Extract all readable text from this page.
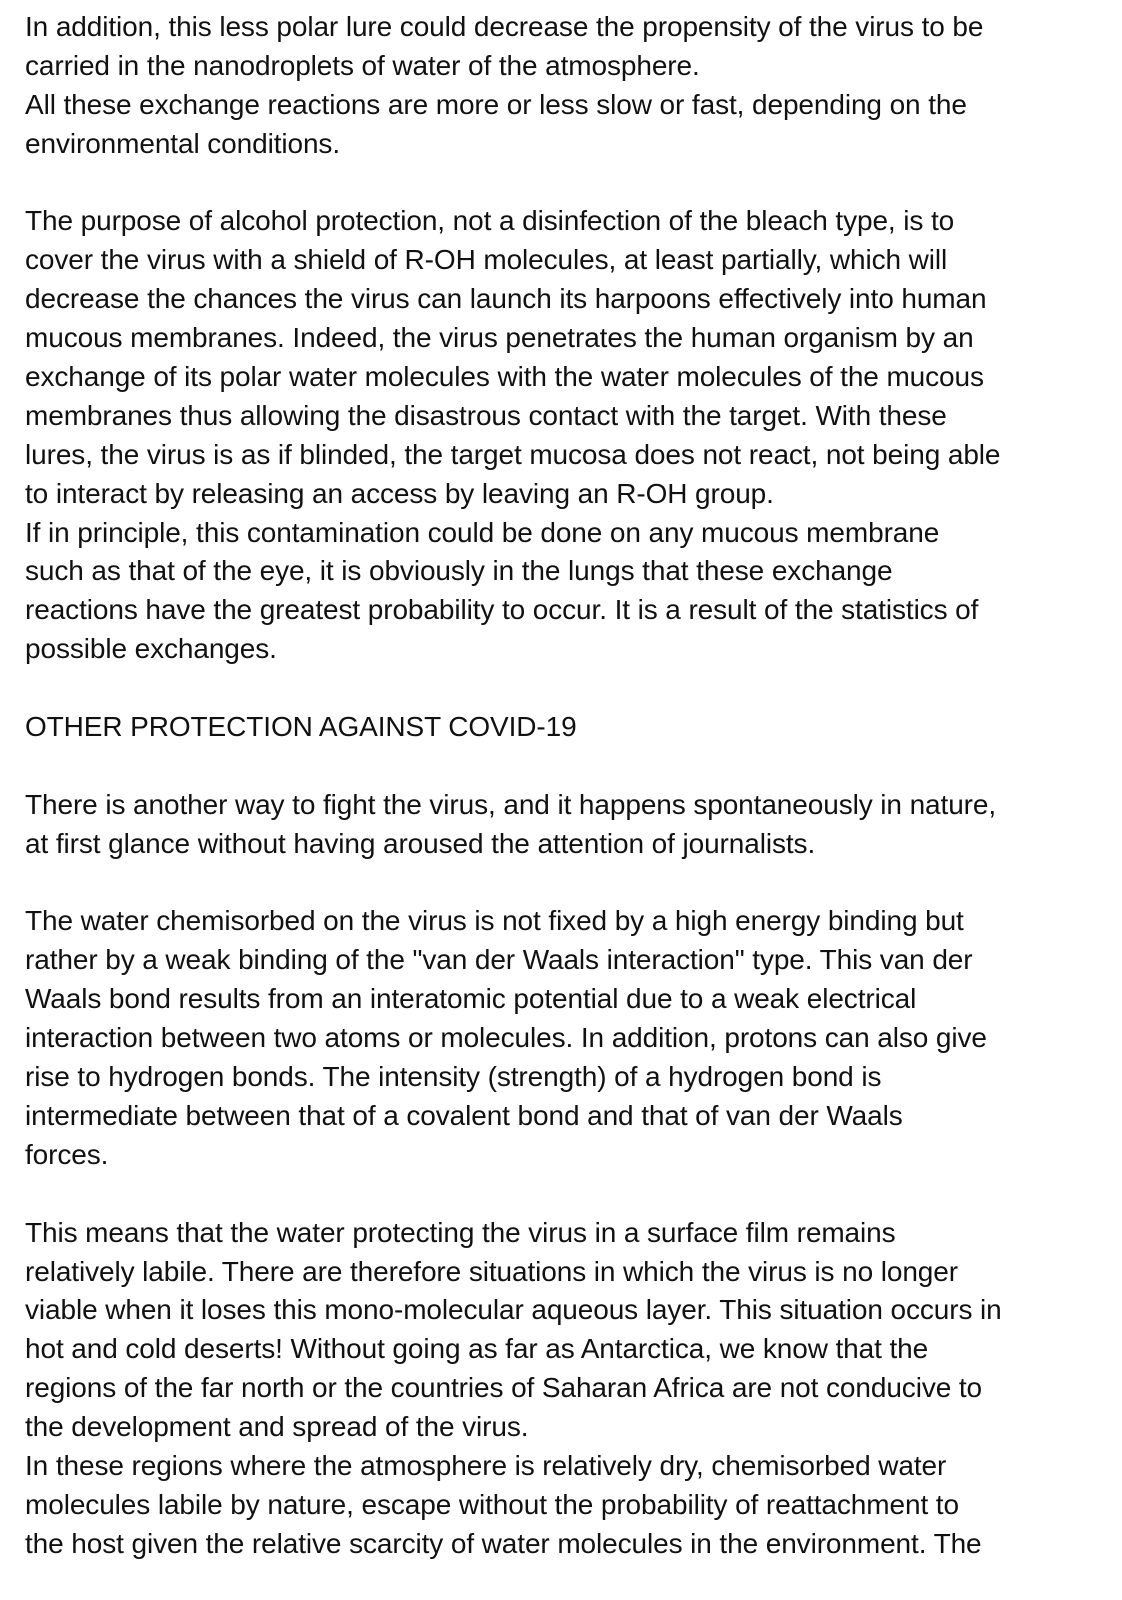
In addition, this less polar lure could decrease the propensity of the virus to be
carried in the nanodroplets of water of the atmosphere.
All these exchange reactions are more or less slow or fast, depending on the
environmental conditions.
The purpose of alcohol protection, not a disinfection of the bleach type, is to
cover the virus with a shield of R-OH molecules, at least partially, which will
decrease the chances the virus can launch its harpoons effectively into human
mucous membranes. Indeed, the virus penetrates the human organism by an
exchange of its polar water molecules with the water molecules of the mucous
membranes thus allowing the disastrous contact with the target. With these
lures, the virus is as if blinded, the target mucosa does not react, not being able
to interact by releasing an access by leaving an R-OH group.
If in principle, this contamination could be done on any mucous membrane
such as that of the eye, it is obviously in the lungs that these exchange
reactions have the greatest probability to occur. It is a result of the statistics of
possible exchanges.
OTHER PROTECTION AGAINST COVID-19
There is another way to fight the virus, and it happens spontaneously in nature,
at first glance without having aroused the attention of journalists.
The water chemisorbed on the virus is not fixed by a high energy binding but
rather by a weak binding of the "van der Waals interaction" type. This van der
Waals bond results from an interatomic potential due to a weak electrical
interaction between two atoms or molecules. In addition, protons can also give
rise to hydrogen bonds. The intensity (strength) of a hydrogen bond is
intermediate between that of a covalent bond and that of van der Waals
forces.
This means that the water protecting the virus in a surface film remains
relatively labile. There are therefore situations in which the virus is no longer
viable when it loses this mono-molecular aqueous layer. This situation occurs in
hot and cold deserts! Without going as far as Antarctica, we know that the
regions of the far north or the countries of Saharan Africa are not conducive to
the development and spread of the virus.
In these regions where the atmosphere is relatively dry, chemisorbed water
molecules labile by nature, escape without the probability of reattachment to
the host given the relative scarcity of water molecules in the environment. The
